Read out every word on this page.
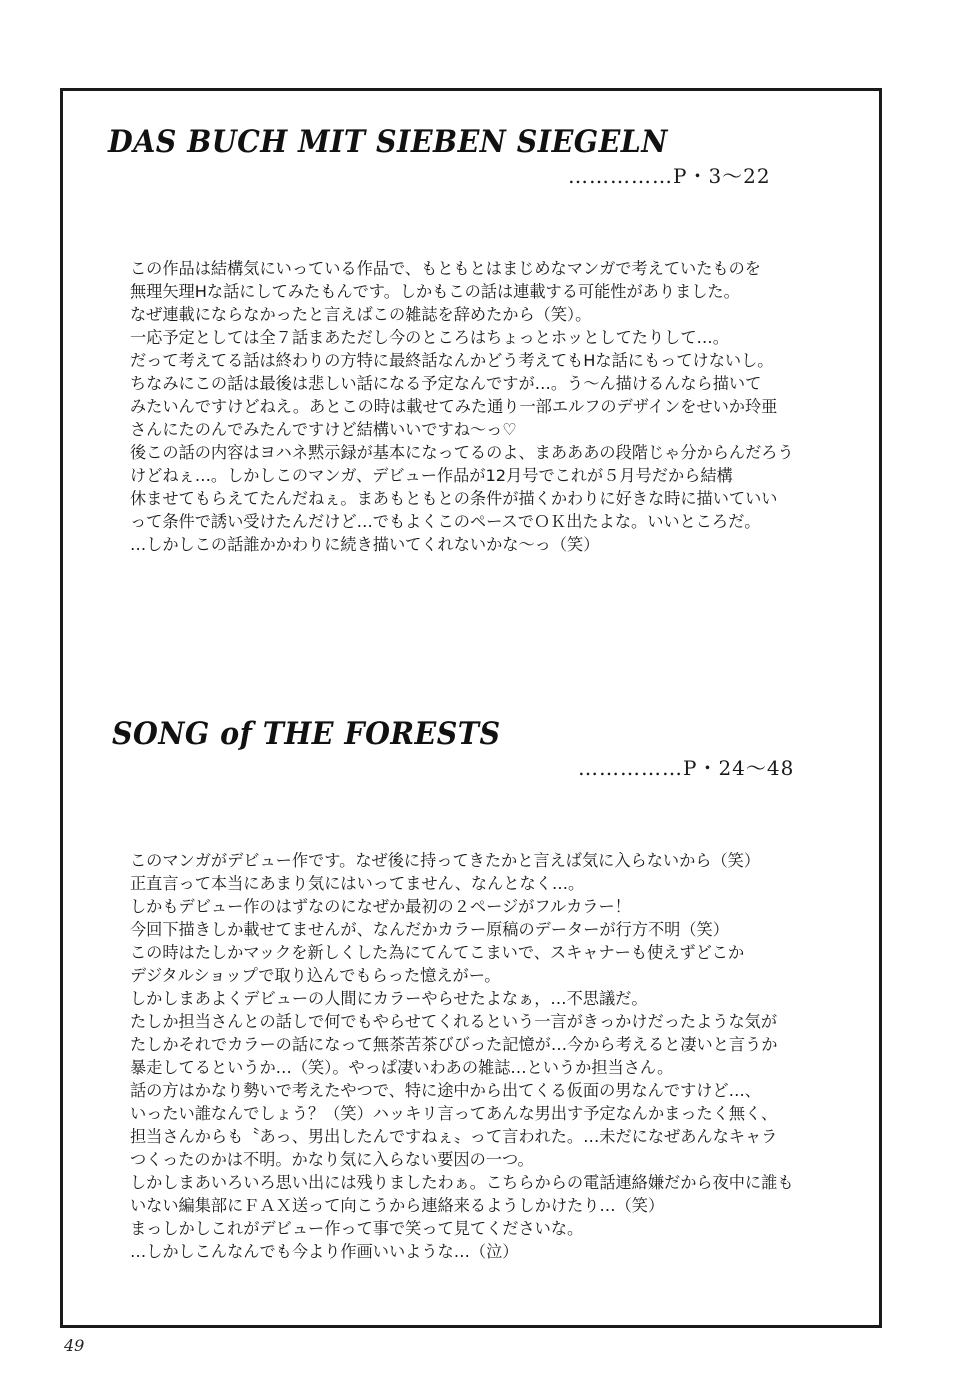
DAS BUCH MIT SIEBEN SIEGELN
……………P・3〜22
この作品は結構気にいっている作品で、もともとはまじめなマンガで考えていたものを
無理矢理Hな話にしてみたもんです。しかもこの話は連載する可能性がありました。
なぜ連載にならなかったと言えばこの雑誌を辞めたから（笑）。
一応予定としては全７話まあただし今のところはちょっとホッとしてたりして…。
だって考えてる話は終わりの方特に最終話なんかどう考えてもHな話にもってけないし。
ちなみにこの話は最後は悲しい話になる予定なんですが…。う〜ん描けるんなら描いて
みたいんですけどねえ。あとこの時は載せてみた通り一部エルフのデザインをせいか玲亜
さんにたのんでみたんですけど結構いいですね〜っ♡
後この話の内容はヨハネ黙示録が基本になってるのよ、まあああの段階じゃ分からんだろう
けどねぇ…。しかしこのマンガ、デビュー作品が12月号でこれが５月号だから結構
休ませてもらえてたんだねぇ。まあもともとの条件が描くかわりに好きな時に描いていい
って条件で誘い受けたんだけど…でもよくこのペースでＯＫ出たよな。いいところだ。
…しかしこの話誰かかわりに続き描いてくれないかな〜っ（笑）
SONG of THE FORESTS
……………P・24〜48
このマンガがデビュー作です。なぜ後に持ってきたかと言えば気に入らないから（笑）
正直言って本当にあまり気にはいってません、なんとなく…。
しかもデビュー作のはずなのになぜか最初の２ページがフルカラー！
今回下描きしか載せてませんが、なんだかカラー原稿のデーターが行方不明（笑）
この時はたしかマックを新しくした為にてんてこまいで、スキャナーも使えずどこか
デジタルショップで取り込んでもらった憶えがー。
しかしまあよくデビューの人間にカラーやらせたよなぁ，…不思議だ。
たしか担当さんとの話しで何でもやらせてくれるという一言がきっかけだったような気が
たしかそれでカラーの話になって無茶苦茶びびった記憶が…今から考えると凄いと言うか
暴走してるというか…（笑）。やっぱ凄いわあの雑誌…というか担当さん。
話の方はかなり勢いで考えたやつで、特に途中から出てくる仮面の男なんですけど…、
いったい誰なんでしょう？（笑）ハッキリ言ってあんな男出す予定なんかまったく無く、
担当さんからも〝あっ、男出したんですねぇ〟って言われた。…未だになぜあんなキャラ
つくったのかは不明。かなり気に入らない要因の一つ。
しかしまあいろいろ思い出には残りましたわぁ。こちらからの電話連絡嫌だから夜中に誰も
いない編集部にＦＡＸ送って向こうから連絡来るようしかけたり…（笑）
まっしかしこれがデビュー作って事で笑って見てくださいな。
…しかしこんなんでも今より作画いいような…（泣）
49
